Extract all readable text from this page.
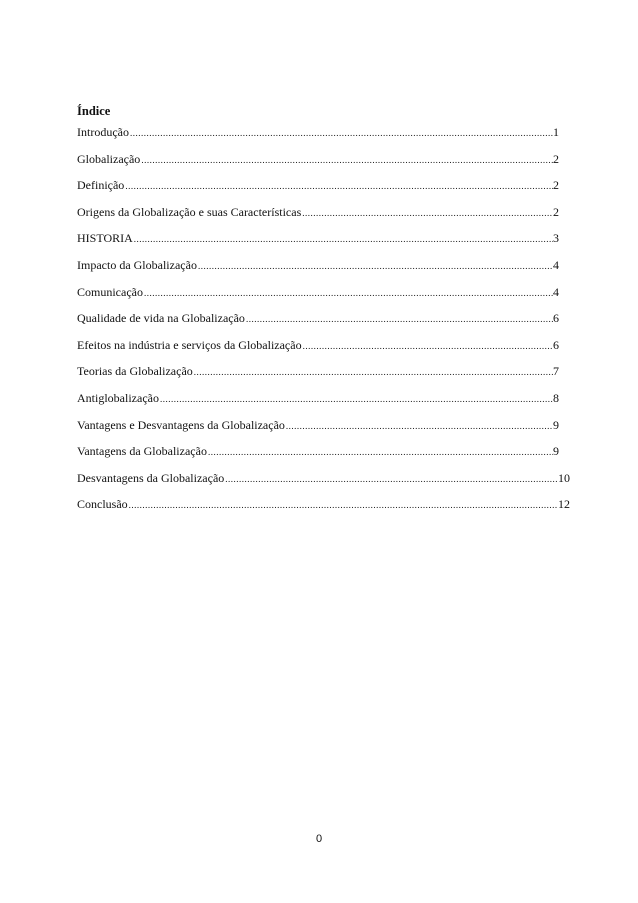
Índice
Introdução .....	1
Globalização .....	2
Definição .....	2
Origens da Globalização e suas Características .....	2
HISTORIA .....	3
Impacto da Globalização .....	4
Comunicação .....	4
Qualidade de vida na Globalização .....	6
Efeitos na indústria e serviços da Globalização .....	6
Teorias da Globalização .....	7
Antiglobalização .....	8
Vantagens e Desvantagens da Globalização .....	9
Vantagens da Globalização .....	9
Desvantagens da Globalização .....	10
Conclusão .....	12
0
